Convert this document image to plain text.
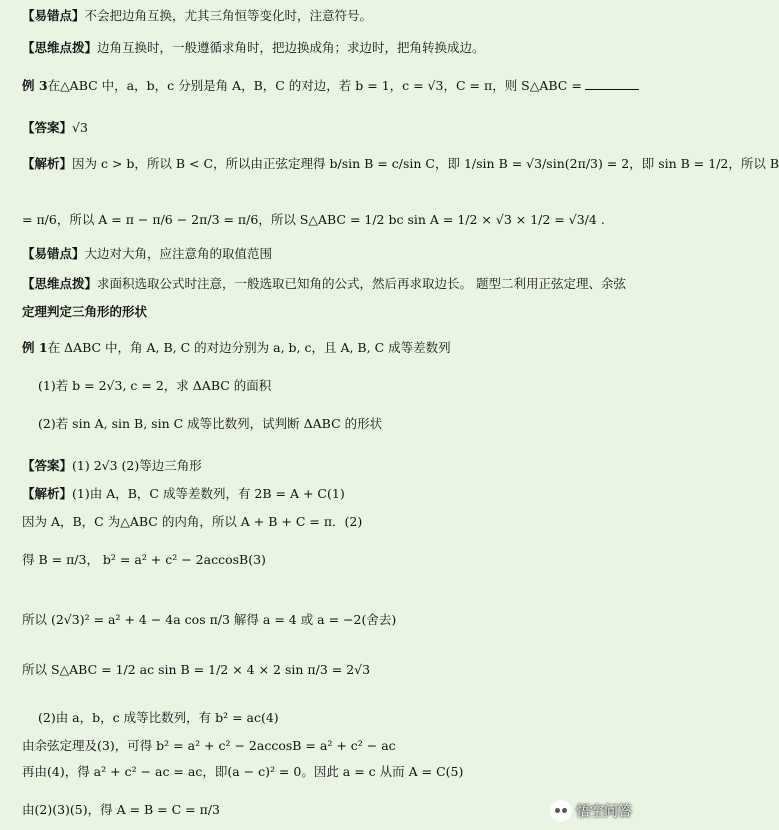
【易错点】不会把边角互换，尤其三角恒等变化时，注意符号。
【思维点拨】边角互换时，一般遵循求角时，把边换成角；求边时，把角转换成边。
例 3在△ABC 中，a，b，c 分别是角 A，B，C 的对边，若 b = 1，c = √3，C = π，则 S△ABC =
【答案】√3
【解析】因为 c > b，所以 B < C，所以由正弦定理得 b/sin B = c/sin C，即 1/sin B = √3/sin(2π/3) = 2，即 sin B = 1/2，所以 B
= π/6，所以 A = π − π/6 − 2π/3 = π/6，所以 S△ABC = 1/2 bc sin A = 1/2 × √3 × 1/2 = √3/4 .
【易错点】大边对大角，应注意角的取值范围
【思维点拨】求面积选取公式时注意，一般选取已知角的公式，然后再求取边长。 题型二利用正弦定理、余弦
定理判定三角形的形状
例 1在 ΔABC 中，角 A, B, C 的对边分别为 a, b, c，且 A, B, C 成等差数列
(1)若 b = 2√3, c = 2，求 ΔABC 的面积
(2)若 sin A, sin B, sin C 成等比数列，试判断 ΔABC 的形状
【答案】(1) 2√3 (2)等边三角形
【解析】(1)由 A，B，C 成等差数列，有 2B = A + C(1)
因为 A，B，C 为△ABC 的内角，所以 A + B + C = π．(2)
得 B = π/3， b² = a² + c² − 2accosB(3)
所以 (2√3)² = a² + 4 − 4a cos π/3 解得 a = 4 或 a = −2(舍去)
所以 S△ABC = 1/2 ac sin B = 1/2 × 4 × 2 sin π/3 = 2√3
(2)由 a，b，c 成等比数列，有 b² = ac(4)
由余弦定理及(3)，可得 b² = a² + c² − 2accosB = a² + c² − ac
再由(4)，得 a² + c² − ac = ac，即(a − c)² = 0。因此 a = c 从而 A = C(5)
由(2)(3)(5)，得 A = B = C = π/3	悟空问答
